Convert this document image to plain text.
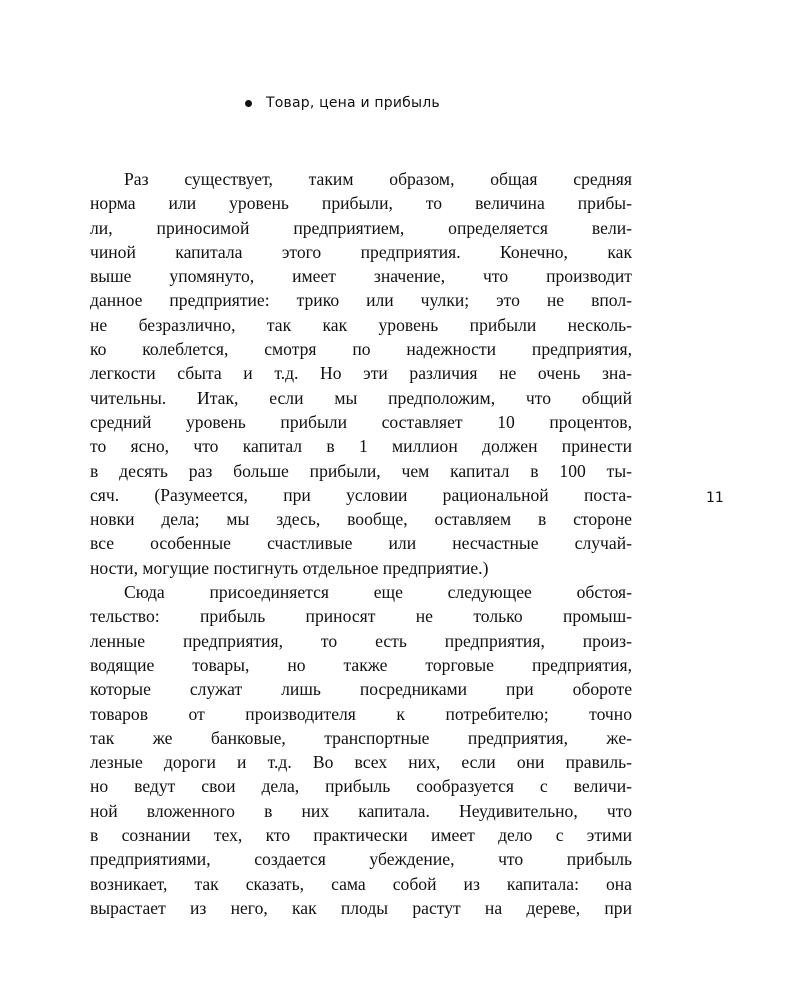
Товар, цена и прибыль
11
Раз существует, таким образом, общая средняя
норма или уровень прибыли, то величина прибы-
ли, приносимой предприятием, определяется вели-
чиной капитала этого предприятия. Конечно, как
выше упомянуто, имеет значение, что производит
данное предприятие: трико или чулки; это не впол-
не безразлично, так как уровень прибыли несколь-
ко колеблется, смотря по надежности предприятия,
легкости сбыта и т.д. Но эти различия не очень зна-
чительны. Итак, если мы предположим, что общий
средний уровень прибыли составляет 10 процентов,
то ясно, что капитал в 1 миллион должен принести
в десять раз больше прибыли, чем капитал в 100 ты-
сяч. (Разумеется, при условии рациональной поста-
новки дела; мы здесь, вообще, оставляем в стороне
все особенные счастливые или несчастные случай-
ности, могущие постигнуть отдельное предприятие.)
Сюда присоединяется еще следующее обстоя-
тельство: прибыль приносят не только промыш-
ленные предприятия, то есть предприятия, произ-
водящие товары, но также торговые предприятия,
которые служат лишь посредниками при обороте
товаров от производителя к потребителю; точно
так же банковые, транспортные предприятия, же-
лезные дороги и т.д. Во всех них, если они правиль-
но ведут свои дела, прибыль сообразуется с величи-
ной вложенного в них капитала. Неудивительно, что
в сознании тех, кто практически имеет дело с этими
предприятиями, создается убеждение, что прибыль
возникает, так сказать, сама собой из капитала: она
вырастает из него, как плоды растут на дереве, при
